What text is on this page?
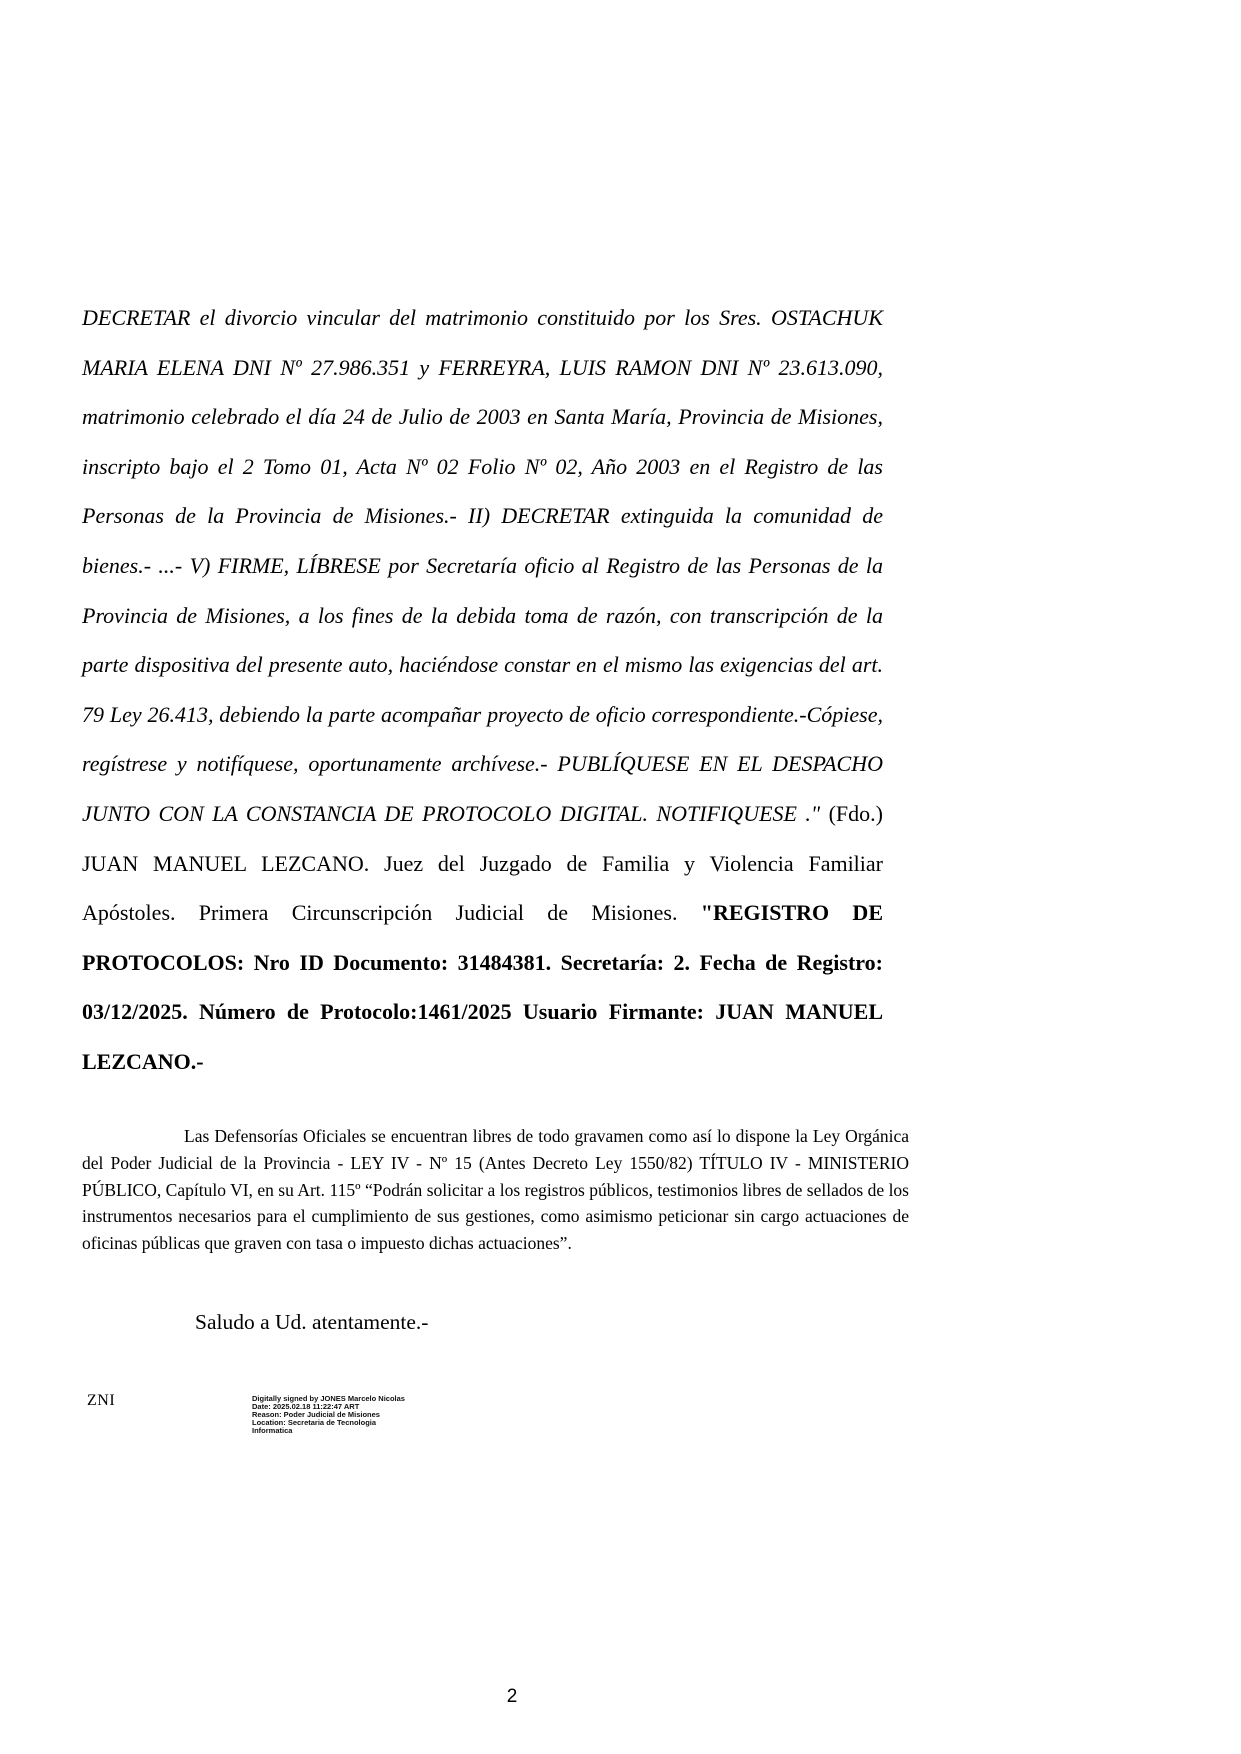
DECRETAR el divorcio vincular del matrimonio constituido por los Sres. OSTACHUK MARIA ELENA DNI Nº 27.986.351 y FERREYRA, LUIS RAMON DNI Nº 23.613.090, matrimonio celebrado el día 24 de Julio de 2003 en Santa María, Provincia de Misiones, inscripto bajo el 2 Tomo 01, Acta Nº 02 Folio Nº 02, Año 2003 en el Registro de las Personas de la Provincia de Misiones.- II) DECRETAR extinguida la comunidad de bienes.- ...- V) FIRME, LÍBRESE por Secretaría oficio al Registro de las Personas de la Provincia de Misiones, a los fines de la debida toma de razón, con transcripción de la parte dispositiva del presente auto, haciéndose constar en el mismo las exigencias del art. 79 Ley 26.413, debiendo la parte acompañar proyecto de oficio correspondiente.-Cópiese, regístrese y notifíquese, oportunamente archívese.- PUBLÍQUESE EN EL DESPACHO JUNTO CON LA CONSTANCIA DE PROTOCOLO DIGITAL. NOTIFIQUESE ." (Fdo.) JUAN MANUEL LEZCANO. Juez del Juzgado de Familia y Violencia Familiar Apóstoles. Primera Circunscripción Judicial de Misiones. "REGISTRO DE PROTOCOLOS: Nro ID Documento: 31484381. Secretaría: 2. Fecha de Registro: 03/12/2025. Número de Protocolo:1461/2025 Usuario Firmante: JUAN MANUEL LEZCANO.-

Las Defensorías Oficiales se encuentran libres de todo gravamen como así lo dispone la Ley Orgánica del Poder Judicial de la Provincia - LEY IV - Nº 15 (Antes Decreto Ley 1550/82) TÍTULO IV - MINISTERIO PÚBLICO, Capítulo VI, en su Art. 115º “Podrán solicitar a los registros públicos, testimonios libres de sellados de los instrumentos necesarios para el cumplimiento de sus gestiones, como asimismo peticionar sin cargo actuaciones de oficinas públicas que graven con tasa o impuesto dichas actuaciones”.

Saludo a Ud. atentamente.-

ZNI	Digitally signed by JONES Marcelo Nicolas
Date: 2025.02.18 11:22:47 ART
Reason: Poder Judicial de Misiones
Location: Secretaria de Tecnologia
Informatica
2
